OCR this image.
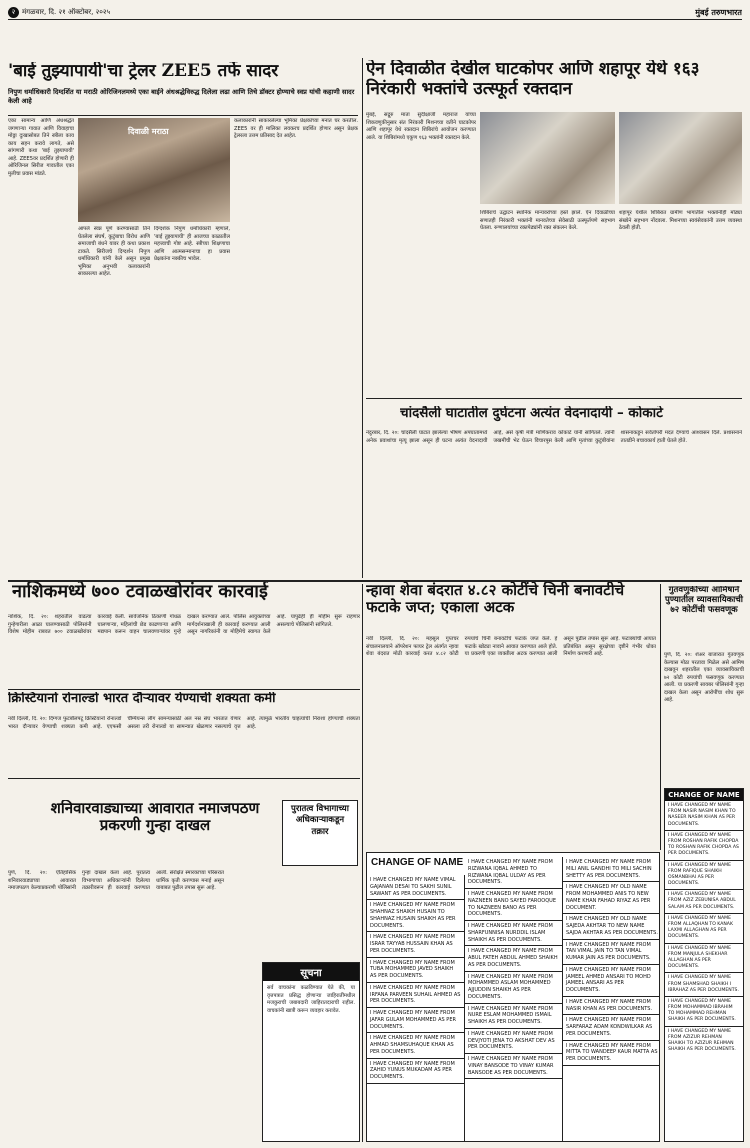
२ मंगळवार, दि. २१ ऑक्टोबर, २०२५	मुंबई तरुणभारत
'बाई तुझ्यापायी'चा ट्रेलर ZEE5 तर्फे सादर
निपुण धर्माधिकारी दिग्दर्शित या मराठी ओरिजिनलमध्ये एका बाईने अंधश्रद्धेविरुद्ध दिलेला लढा आणि तिचे डॉक्टर होण्याचे स्वप्न यांची कहाणी सादर केली आहे
एका सामान्य आणि अंधश्रद्धेत जगणाऱ्या गावात आणि विवाहाचा मोठ्ठा दुःखासोबत तिने स्त्रीला काय काय सहन करावे लागते, असे सांगणारी कथा 'बाई तुझ्यापायी' आहे. ZEE5वर प्रदर्शित होणारी ही ओरिजिनल सिरीज गावातील एका मुलीचा प्रवास मांडते.
दिवाळी मराठा
आपले स्वप्न पूर्ण करण्यासाठी तिने घेतलेला संघर्ष, कुटुंबाचा विरोध आणि समाजाची बंधने यावर ही कथा प्रकाश टाकते. सिरीजचे दिग्दर्शन निपुण धर्माधिकारी यांनी केले असून प्रमुख भूमिका अनुभवी कलाकारांनी साकारल्या आहेत.
दिग्दर्शक निपुण धर्माधिकारी म्हणाले, 'बाई तुझ्यापायी' ही आजच्या काळातील महत्त्वाची गोष्ट आहे. स्त्रीच्या शिक्षणाचा आणि आत्मसन्मानाचा हा प्रवास प्रेक्षकांना नक्कीच भावेल.
कलाकारांनी साकारलेल्या भूमिका प्रेक्षकांच्या मनात घर करतील. ZEE5 वर ही मालिका लवकरच प्रदर्शित होणार असून प्रेक्षक ट्रेलरला उत्तम प्रतिसाद देत आहेत.
ऐन दिवाळीत देखील घाटकोपर आणि शहापूर येथे १६३ निरंकारी भक्तांचे उत्स्फूर्त रक्तदान
मुंबई, सद्गुरु माता सुदीक्षाजी महाराज यांच्या शिकवणुकीनुसार संत निरंकारी मिशनच्या वतीने घाटकोपर आणि शहापूर येथे रक्तदान शिबिरांचे आयोजन करण्यात आले. या शिबिरांमध्ये एकूण १६३ भक्तांनी रक्तदान केले.
शिबिराचे उद्घाटन स्थानिक मान्यवरांच्या हस्ते झाले. ऐन दिवाळीच्या सणातही निरंकारी भक्तांनी मानवतेच्या सेवेसाठी उत्स्फूर्तपणे सहभाग घेतला. रुग्णालयांच्या रक्तपेढ्यांनी रक्त संकलन केले.
शहापूर येथील शिबिरात ग्रामीण भागातील भक्तांनीही मोठ्या संख्येने सहभाग नोंदवला. मिशनच्या स्वयंसेवकांनी उत्तम व्यवस्था ठेवली होती.
चांदसैली घाटातील दुर्घटना अत्यंत वेदनादायी – कोकाटे
नंदुरबार, दि. २०: चांदसैली घाटात झालेल्या भीषण अपघातामध्ये अनेक प्रवाशांचा मृत्यू झाला असून ही घटना अत्यंत वेदनादायी आहे, असे कृषी मंत्री माणिकराव कोकाटे यांनी सांगितले. त्यांनी जखमींची भेट घेऊन विचारपूस केली आणि मृतांच्या कुटुंबीयांना शासनाकडून सर्वतोपरी मदत देण्याचे आश्वासन दिले. प्रशासनाने तातडीने बचावकार्य हाती घेतले होते.
नाशिकमध्ये ७०० टवाळखोरांवर कारवाई
नाशिक, दि. २०: शहरातील वाढत्या गुन्हेगारीला आळा घालण्यासाठी पोलिसांनी विशेष मोहीम राबवत ७०० टवाळखोरांवर कारवाई केली. सार्वजनिक ठिकाणी गोंधळ घालणाऱ्या, महिलांची छेड काढणाऱ्या आणि मद्यपान करून वाहन चालवणाऱ्यांवर गुन्हे दाखल करण्यात आले. पोलिस आयुक्तांच्या मार्गदर्शनाखाली ही कारवाई करण्यात आली असून नागरिकांनी या मोहिमेचे स्वागत केले आहे. यापुढेही ही मोहीम सुरू राहणार असल्याचे पोलिसांनी सांगितले.
क्रिस्टियानो रोनाल्डो भारत दौऱ्यावर येण्याची शक्यता कमी
नवी दिल्ली, दि. २०: दिग्गज फुटबॉलपटू क्रिस्टियानो रोनाल्डो भारत दौऱ्यावर येण्याची शक्यता कमी आहे. एएफसी चॅम्पियन्स लीग सामन्यासाठी अल नस्र संघ भारतात येणार असला तरी रोनाल्डो या सामन्यात खेळणार नसल्याचे वृत्त आहे. त्यामुळे भारतीय चाहत्यांची निराशा होण्याची शक्यता आहे.
शनिवारवाड्याच्या आवारात नमाजपठण प्रकरणी गुन्हा दाखल
पुरातत्व विभागाच्या अधिकाऱ्याकडून तक्रार
पुणे, दि. २०: ऐतिहासिक शनिवारवाड्याच्या आवारात नमाजपठण केल्याप्रकरणी पोलिसांनी गुन्हा दाखल केला आहे. पुरातत्व विभागाच्या अधिकाऱ्यांनी दिलेल्या तक्रारीवरून ही कारवाई करण्यात आली. संरक्षित स्मारकाच्या परिसरात धार्मिक कृती करण्यास मनाई असून याबाबत पुढील तपास सुरू आहे.
सूचना
सर्व वाचकांना कळविण्यात येते की, या वृत्तपत्रात प्रसिद्ध होणाऱ्या जाहिरातींमधील मजकुराची जबाबदारी जाहिरातदाराची राहील. वाचकांनी खात्री करून व्यवहार करावेत.
न्हावा शेवा बंदरात ४.८२ कोटींचे चिनी बनावटीचे फटाके जप्त; एकाला अटक
नवी दिल्ली, दि. २०: महसूल गुप्तचर संचालनालयाने ऑपरेशन फायर ट्रेल अंतर्गत न्हावा शेवा बंदरात मोठी कारवाई करत ४.८२ कोटी रुपयांचे चिनी बनावटीचे फटाके जप्त केले. हे फटाके खोट्या नावाने आयात करण्यात आले होते. या प्रकरणी एका व्यक्तीला अटक करण्यात आली असून पुढील तपास सुरू आहे. फटाक्यांची आयात प्रतिबंधित असून सुरक्षेच्या दृष्टीने गंभीर धोका निर्माण करणारी आहे.
गुंतवणुकीच्या आमिषाने पुण्यातील व्यावसायिकाची ७२ कोटींची फसवणूक
पुणे, दि. २०: शेअर बाजारात गुंतवणूक केल्यास मोठा परतावा मिळेल असे आमिष दाखवून शहरातील एका व्यावसायिकाची ७२ कोटी रुपयांची फसवणूक करण्यात आली. या प्रकरणी सायबर पोलिसांनी गुन्हा दाखल केला असून आरोपींचा शोध सुरू आहे.
CHANGE OF NAME
I HAVE CHANGED MY NAME FROM NASIR NASIM KHAN TO NASEER NASIM KHAN AS PER DOCUMENTS.
I HAVE CHANGED MY NAME FROM ROSHAN RAFIK CHOPDA TO ROSHAN RAFIK CHOPDA AS PER DOCUMENTS.
I HAVE CHANGED MY NAME FROM RAFIQUE SHAIKH OSMANBHAI AS PER DOCUMENTS.
I HAVE CHANGED MY NAME FROM AZIZ ZEBUNISA ABDUL SALAM AS PER DOCUMENTS.
I HAVE CHANGED MY NAME FROM ALLAQHAN TO KANAK LAXMI ALLAGHAN AS PER DOCUMENTS.
I HAVE CHANGED MY NAME FROM MANJULA SHEKHAR ALLAGHAN AS PER DOCUMENTS.
I HAVE CHANGED MY NAME FROM SHAMSHAD SHAIKH I IBRAHAZ AS PER DOCUMENTS.
I HAVE CHANGED MY NAME FROM MOHAMMAD IBRAHIM TO MOHAMMAD REHMAN SHAIKH AS PER DOCUMENTS.
I HAVE CHANGED MY NAME FROM AZIZUR REHMAN SHAIKH TO AZIZUR REHMAN SHAIKH AS PER DOCUMENTS.
CHANGE OF NAME
I HAVE CHANGED MY NAME VIMAL GAJANAN DESAI TO SAKHI SUNIL SAWANT AS PER DOCUMENTS.
I HAVE CHANGED MY NAME FROM SHAHNAZ SHAIKH HUSAIN TO SHAHNAZ HUSAIN SHAIKH AS PER DOCUMENTS.
I HAVE CHANGED MY NAME FROM ISRAR TAYYAB HUSSAIN KHAN AS PER DOCUMENTS.
I HAVE CHANGED MY NAME FROM TUBA MOHAMMED JAVED SHAIKH AS PER DOCUMENTS.
I HAVE CHANGED MY NAME FROM IRFANA PARVEEN SUHAIL AHMED AS PER DOCUMENTS.
I HAVE CHANGED MY NAME FROM JAFAR GULAM MOHAMMED AS PER DOCUMENTS.
I HAVE CHANGED MY NAME FROM AHMAD SHAMSUHAQUE KHAN AS PER DOCUMENTS.
I HAVE CHANGED MY NAME FROM ZAHID YUNUS MUKADAM AS PER DOCUMENTS.
I HAVE CHANGED MY NAME FROM RIZWANA IQBAL AHMED TO RIZWANA IQBAL ULDAY AS PER DOCUMENTS.
I HAVE CHANGED MY NAME FROM NAZNEEN BANO SAYED FAROOQUE TO NAZNEEN BANO AS PER DOCUMENTS.
I HAVE CHANGED MY NAME FROM SHARFUNNISA NURDDIL ISLAM SHAIKH AS PER DOCUMENTS.
I HAVE CHANGED MY NAME FROM ABUL FATEH ABDUL AHMED SHAIKH AS PER DOCUMENTS.
I HAVE CHANGED MY NAME FROM MOHAMMED ASLAM MOHAMMED AJJUDDIN SHAIKH AS PER DOCUMENTS.
I HAVE CHANGED MY NAME FROM NURE ESLAM MOHAMMED ISMAIL SHAIKH AS PER DOCUMENTS.
I HAVE CHANGED MY NAME FROM DEVJYOTI JENA TO AKSHAT DEV AS PER DOCUMENTS.
I HAVE CHANGED MY NAME FROM VINAY BANSODE TO VINAY KUMAR BANSODE AS PER DOCUMENTS.
I HAVE CHANGED MY NAME FROM MILI ANIL GANDHI TO MILI SACHIN SHETTY AS PER DOCUMENTS.
I HAVE CHANGED MY OLD NAME FROM MOHAMMED ANIS TO NEW NAME KHAN FAHAD RIYAZ AS PER DOCUMENT.
I HAVE CHANGED MY OLD NAME SAJEDA AKHTAR TO NEW NAME SAJDA AKHTAR AS PER DOCUMENTS.
I HAVE CHANGED MY NAME FROM TAN VIMAL JAIN TO TAN VIMAL KUMAR JAIN AS PER DOCUMENTS.
I HAVE CHANGED MY NAME FROM JAMEEL AHMED ANSARI TO MOHD JAMEEL ANSARI AS PER DOCUMENTS.
I HAVE CHANGED MY NAME FROM NASIR KHAN AS PER DOCUMENTS.
I HAVE CHANGED MY NAME FROM SARFARAZ ADAM KONDWILKAR AS PER DOCUMENTS.
I HAVE CHANGED MY NAME FROM MITTA TO WANDEEP KAUR MATTA AS PER DOCUMENTS.
